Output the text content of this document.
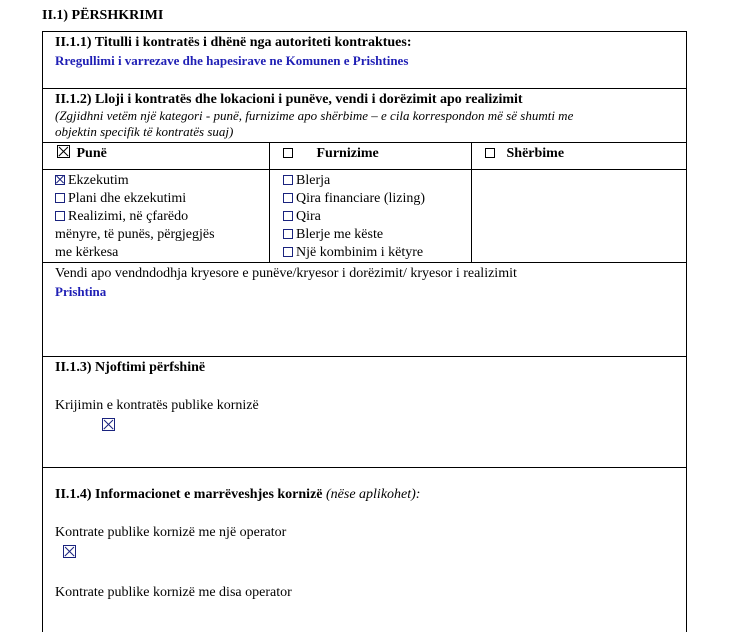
II.1) PËRSHKRIMI
II.1.1) Titulli i kontratës i dhënë nga autoriteti kontraktues:
Rregullimi i varrezave dhe hapesirave ne Komunen e Prishtines
II.1.2) Lloji i kontratës dhe lokacioni i punëve, vendi i dorëzimit apo realizimit
(Zgjidhni vetëm një kategori - punë, furnizime apo shërbime – e cila korrespondon më së shumti me
objektin specifik të kontratës suaj)
Punë	Furnizime	Shërbime
Ekzekutim
Plani dhe ekzekutimi
Realizimi, në çfarëdo
mënyre, të punës, përgjegjës
me kërkesa
Blerja
Qira financiare (lizing)
Qira
Blerje me këste
Një kombinim i këtyre
Vendi apo vendndodhja kryesore e punëve/kryesor i dorëzimit/ kryesor i realizimit
Prishtina
II.1.3) Njoftimi përfshinë
Krijimin e kontratës publike kornizë
II.1.4) Informacionet e marrëveshjes kornizë (nëse aplikohet):
Kontrate publike kornizë me një operator
Kontrate publike kornizë me disa operator
